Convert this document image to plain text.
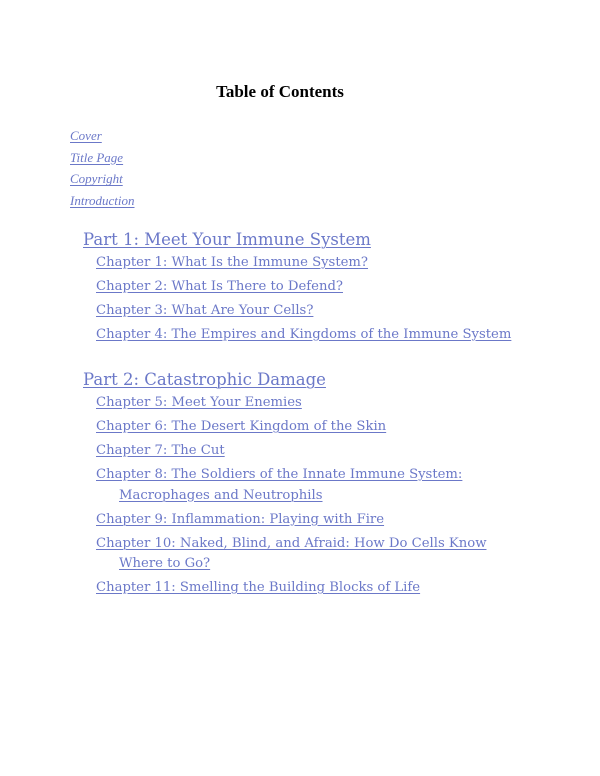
Table of Contents
Cover
Title Page
Copyright
Introduction
Part 1: Meet Your Immune System
Chapter 1: What Is the Immune System?
Chapter 2: What Is There to Defend?
Chapter 3: What Are Your Cells?
Chapter 4: The Empires and Kingdoms of the Immune System
Part 2: Catastrophic Damage
Chapter 5: Meet Your Enemies
Chapter 6: The Desert Kingdom of the Skin
Chapter 7: The Cut
Chapter 8: The Soldiers of the Innate Immune System:
Macrophages and Neutrophils
Chapter 9: Inflammation: Playing with Fire
Chapter 10: Naked, Blind, and Afraid: How Do Cells Know
Where to Go?
Chapter 11: Smelling the Building Blocks of Life
